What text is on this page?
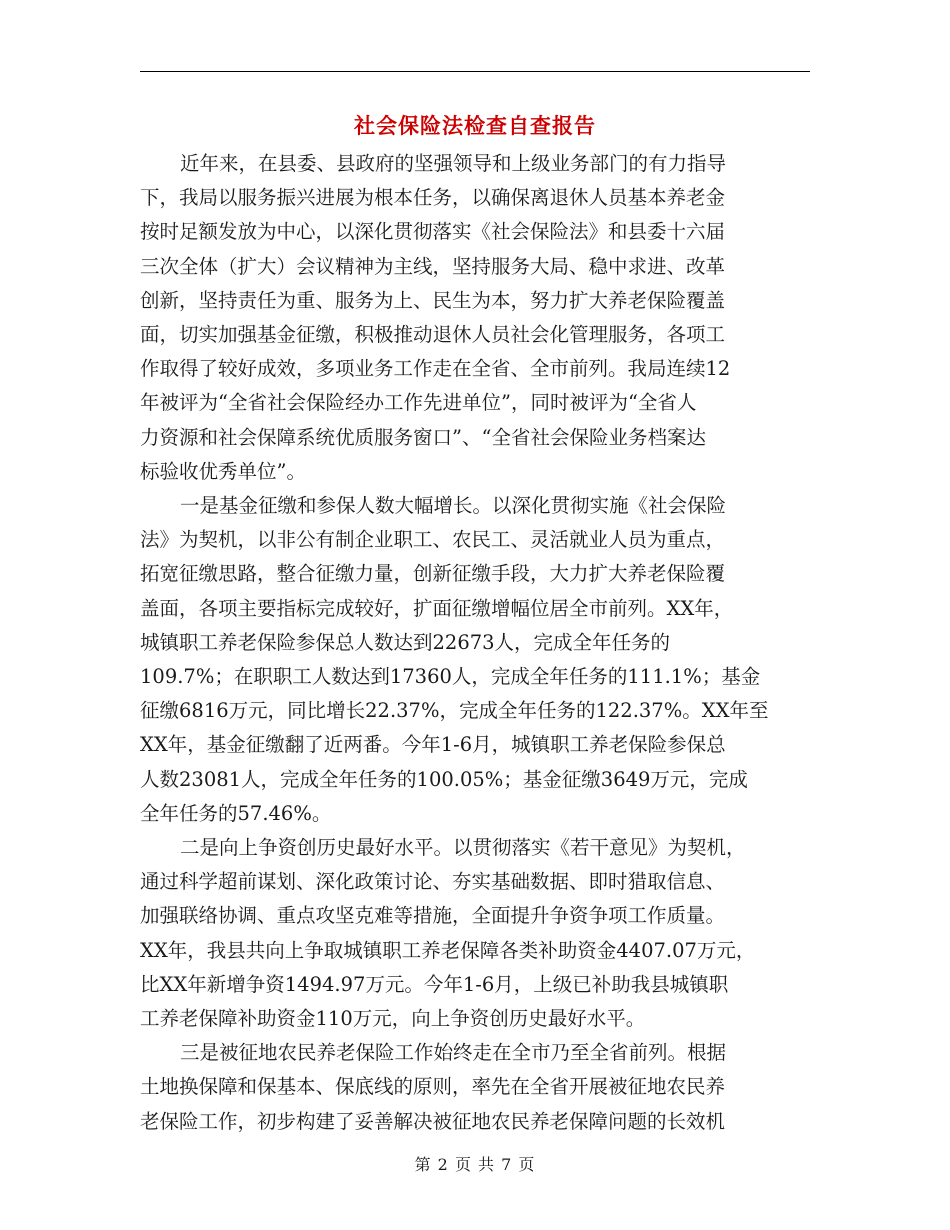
社会保险法检查自查报告

近年来，在县委、县政府的坚强领导和上级业务部门的有力指导
下，我局以服务振兴进展为根本任务，以确保离退休人员基本养老金
按时足额发放为中心，以深化贯彻落实《社会保险法》和县委十六届
三次全体（扩大）会议精神为主线，坚持服务大局、稳中求进、改革
创新，坚持责任为重、服务为上、民生为本，努力扩大养老保险覆盖
面，切实加强基金征缴，积极推动退休人员社会化管理服务，各项工
作取得了较好成效，多项业务工作走在全省、全市前列。我局连续12
年被评为“全省社会保险经办工作先进单位”，同时被评为“全省人
力资源和社会保障系统优质服务窗口”、“全省社会保险业务档案达
标验收优秀单位”。

一是基金征缴和参保人数大幅增长。以深化贯彻实施《社会保险
法》为契机，以非公有制企业职工、农民工、灵活就业人员为重点，
拓宽征缴思路，整合征缴力量，创新征缴手段，大力扩大养老保险覆
盖面，各项主要指标完成较好，扩面征缴增幅位居全市前列。XX年，
城镇职工养老保险参保总人数达到22673人，完成全年任务的
109.7%；在职职工人数达到17360人，完成全年任务的111.1%；基金
征缴6816万元，同比增长22.37%，完成全年任务的122.37%。XX年至
XX年，基金征缴翻了近两番。今年1-6月，城镇职工养老保险参保总
人数23081人，完成全年任务的100.05%；基金征缴3649万元，完成
全年任务的57.46%。

二是向上争资创历史最好水平。以贯彻落实《若干意见》为契机，
通过科学超前谋划、深化政策讨论、夯实基础数据、即时猎取信息、
加强联络协调、重点攻坚克难等措施，全面提升争资争项工作质量。
XX年，我县共向上争取城镇职工养老保障各类补助资金4407.07万元，
比XX年新增争资1494.97万元。今年1-6月，上级已补助我县城镇职
工养老保障补助资金110万元，向上争资创历史最好水平。

三是被征地农民养老保险工作始终走在全市乃至全省前列。根据
土地换保障和保基本、保底线的原则，率先在全省开展被征地农民养
老保险工作，初步构建了妥善解决被征地农民养老保障问题的长效机

第 2 页 共 7 页
